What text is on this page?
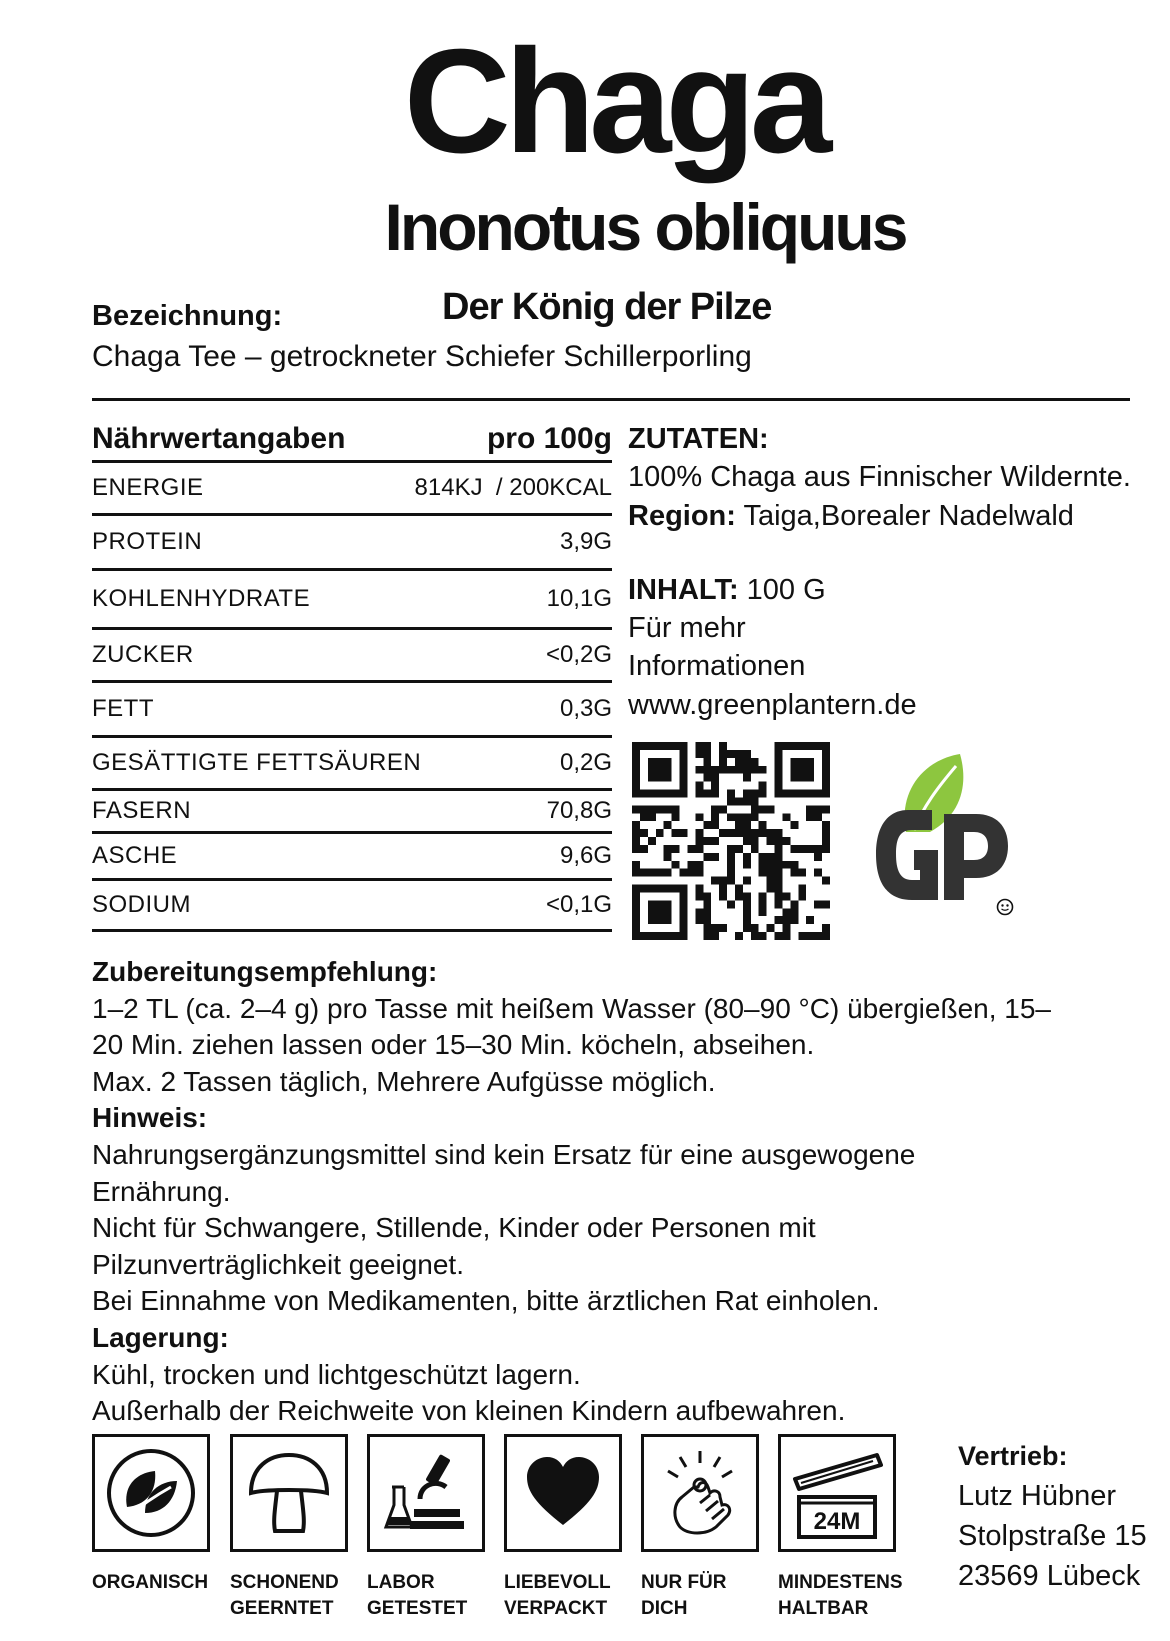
Chaga
Inonotus obliquus
Der König der Pilze
Bezeichnung:
Chaga Tee – getrockneter Schiefer Schillerporling
Nährwertangaben	pro 100g
ENERGIE	814KJ  / 200KCAL
PROTEIN	3,9G
KOHLENHYDRATE	10,1G
ZUCKER	<0,2G
FETT	0,3G
GESÄTTIGTE FETTSÄUREN	0,2G
FASERN	70,8G
ASCHE	9,6G
SODIUM	<0,1G
ZUTATEN:
100% Chaga aus Finnischer Wildernte.
Region: Taiga,Borealer Nadelwald
INHALT: 100 G
Für mehr
Informationen
www.greenplantern.de
Zubereitungsempfehlung:
1–2 TL (ca. 2–4 g) pro Tasse mit heißem Wasser (80–90 °C) übergießen, 15–
20 Min. ziehen lassen oder 15–30 Min. köcheln, abseihen.
Max. 2 Tassen täglich, Mehrere Aufgüsse möglich.
Hinweis:
Nahrungsergänzungsmittel sind kein Ersatz für eine ausgewogene
Ernährung.
Nicht für Schwangere, Stillende, Kinder oder Personen mit
Pilzunverträglichkeit geeignet.
Bei Einnahme von Medikamenten, bitte ärztlichen Rat einholen.
Lagerung:
Kühl, trocken und lichtgeschützt lagern.
Außerhalb der Reichweite von kleinen Kindern aufbewahren.
24M
ORGANISCH	SCHONEND
GEERNTET
LABOR
GETESTET
LIEBEVOLL
VERPACKT
NUR FÜR
DICH
MINDESTENS
HALTBAR
Vertrieb:
Lutz Hübner
Stolpstraße 15
23569 Lübeck
